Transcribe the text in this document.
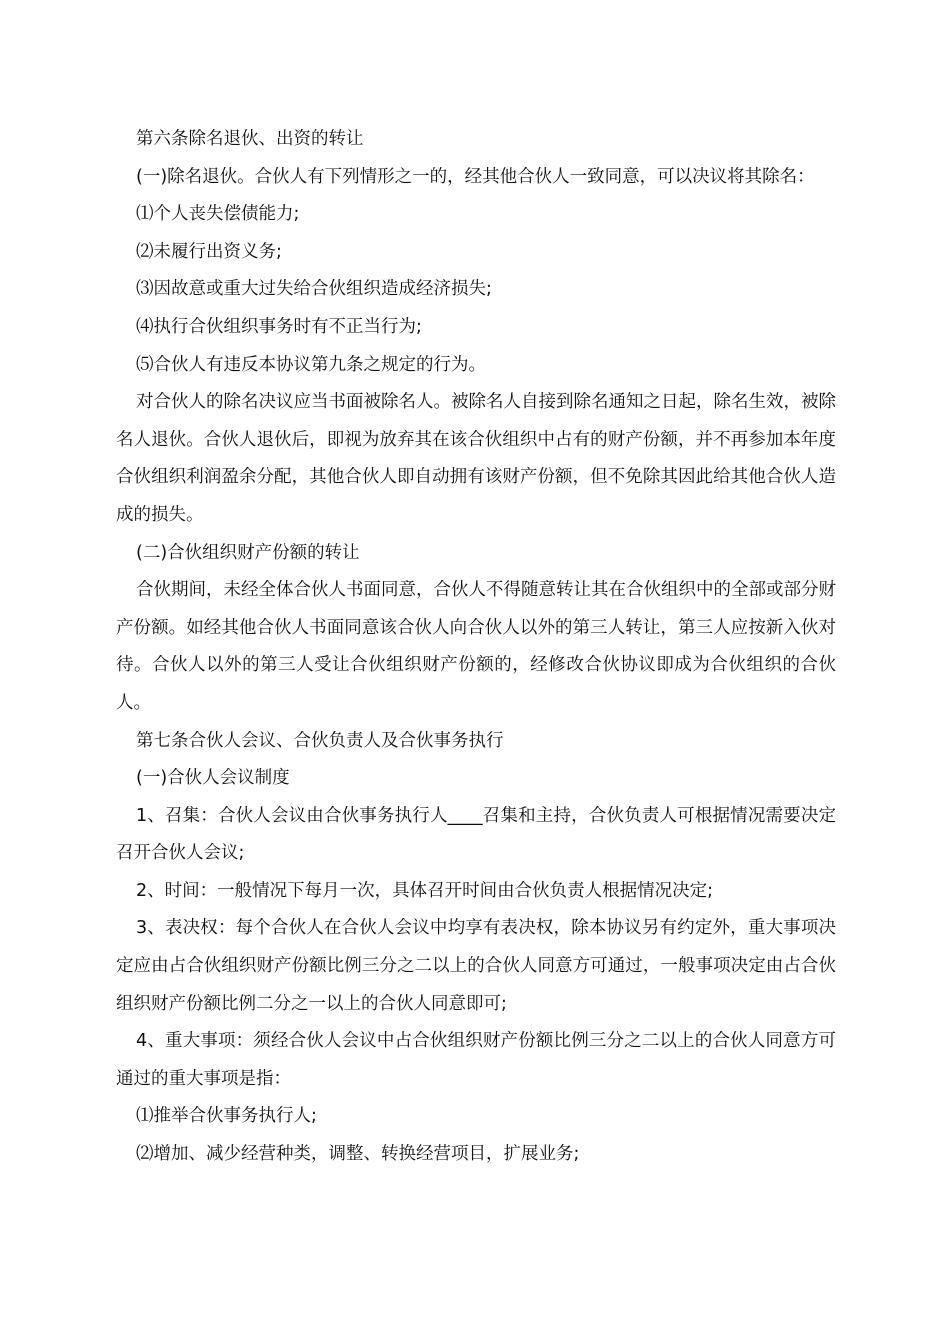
第六条除名退伙、出资的转让

(一)除名退伙。合伙人有下列情形之一的，经其他合伙人一致同意，可以决议将其除名：

⑴个人丧失偿债能力;

⑵未履行出资义务;

⑶因故意或重大过失给合伙组织造成经济损失;

⑷执行合伙组织事务时有不正当行为;

⑸合伙人有违反本协议第九条之规定的行为。

对合伙人的除名决议应当书面被除名人。被除名人自接到除名通知之日起，除名生效，被除名人退伙。合伙人退伙后，即视为放弃其在该合伙组织中占有的财产份额，并不再参加本年度合伙组织利润盈余分配，其他合伙人即自动拥有该财产份额，但不免除其因此给其他合伙人造成的损失。

(二)合伙组织财产份额的转让

合伙期间，未经全体合伙人书面同意，合伙人不得随意转让其在合伙组织中的全部或部分财产份额。如经其他合伙人书面同意该合伙人向合伙人以外的第三人转让，第三人应按新入伙对待。合伙人以外的第三人受让合伙组织财产份额的，经修改合伙协议即成为合伙组织的合伙人。

第七条合伙人会议、合伙负责人及合伙事务执行

(一)合伙人会议制度

1、召集：合伙人会议由合伙事务执行人____召集和主持，合伙负责人可根据情况需要决定召开合伙人会议;

2、时间：一般情况下每月一次，具体召开时间由合伙负责人根据情况决定;

3、表决权：每个合伙人在合伙人会议中均享有表决权，除本协议另有约定外，重大事项决定应由占合伙组织财产份额比例三分之二以上的合伙人同意方可通过，一般事项决定由占合伙组织财产份额比例二分之一以上的合伙人同意即可;

4、重大事项：须经合伙人会议中占合伙组织财产份额比例三分之二以上的合伙人同意方可通过的重大事项是指：

⑴推举合伙事务执行人;

⑵增加、减少经营种类，调整、转换经营项目，扩展业务;
